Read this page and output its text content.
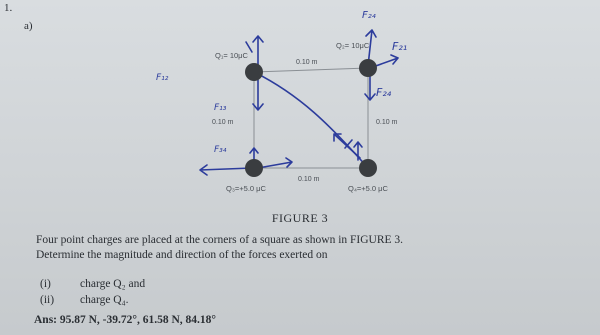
1.
a)
Q₁= 10μC
Q₂= 10μC
Q₃=+5.0 μC	Q₄=+5.0 μC
0.10 m
0.10 m	0.10 m
0.10 m
F₂₄
F₂₁
F₂₄
F₁₃
F₃₄
F₁₂
FIGURE 3
Four point charges are placed at the corners of a square as shown in FIGURE 3.
Determine the magnitude and direction of the forces exerted on
(i)	charge Q₂ and
(ii) charge Q₄.
Ans: 95.87 N, -39.72°, 61.58 N, 84.18°
